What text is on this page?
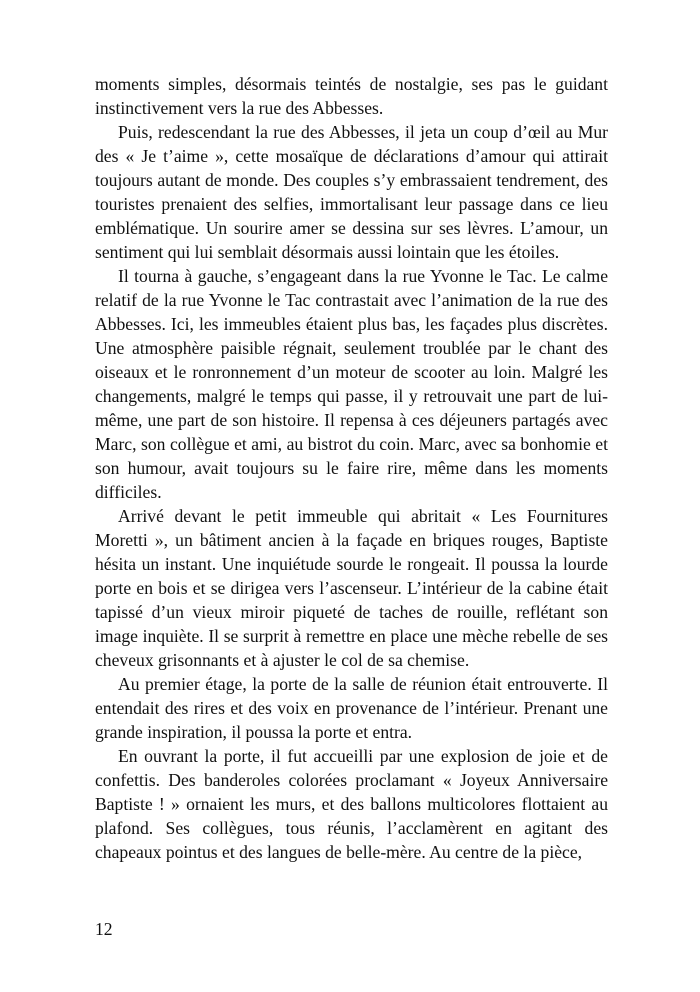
moments simples, désormais teintés de nostalgie, ses pas le guidant instinctivement vers la rue des Abbesses.

Puis, redescendant la rue des Abbesses, il jeta un coup d’œil au Mur des « Je t’aime », cette mosaïque de déclarations d’amour qui attirait toujours autant de monde. Des couples s’y embrassaient tendrement, des touristes prenaient des selfies, immortalisant leur passage dans ce lieu emblématique. Un sourire amer se dessina sur ses lèvres. L’amour, un sentiment qui lui semblait désormais aussi lointain que les étoiles.

Il tourna à gauche, s’engageant dans la rue Yvonne le Tac. Le calme relatif de la rue Yvonne le Tac contrastait avec l’animation de la rue des Abbesses. Ici, les immeubles étaient plus bas, les façades plus discrètes. Une atmosphère paisible régnait, seulement troublée par le chant des oiseaux et le ronronnement d’un moteur de scooter au loin. Malgré les changements, malgré le temps qui passe, il y retrouvait une part de lui-même, une part de son histoire. Il repensa à ces déjeuners partagés avec Marc, son collègue et ami, au bistrot du coin. Marc, avec sa bonhomie et son humour, avait toujours su le faire rire, même dans les moments difficiles.

Arrivé devant le petit immeuble qui abritait « Les Fournitures Moretti », un bâtiment ancien à la façade en briques rouges, Baptiste hésita un instant. Une inquiétude sourde le rongeait. Il poussa la lourde porte en bois et se dirigea vers l’ascenseur. L’intérieur de la cabine était tapissé d’un vieux miroir piqueté de taches de rouille, reflétant son image inquiète. Il se surprit à remettre en place une mèche rebelle de ses cheveux grisonnants et à ajuster le col de sa chemise.

Au premier étage, la porte de la salle de réunion était entrouverte. Il entendait des rires et des voix en provenance de l’intérieur. Prenant une grande inspiration, il poussa la porte et entra.

En ouvrant la porte, il fut accueilli par une explosion de joie et de confettis. Des banderoles colorées proclamant « Joyeux Anniversaire Baptiste ! » ornaient les murs, et des ballons multicolores flottaient au plafond. Ses collègues, tous réunis, l’acclamèrent en agitant des chapeaux pointus et des langues de belle-mère. Au centre de la pièce,

12
